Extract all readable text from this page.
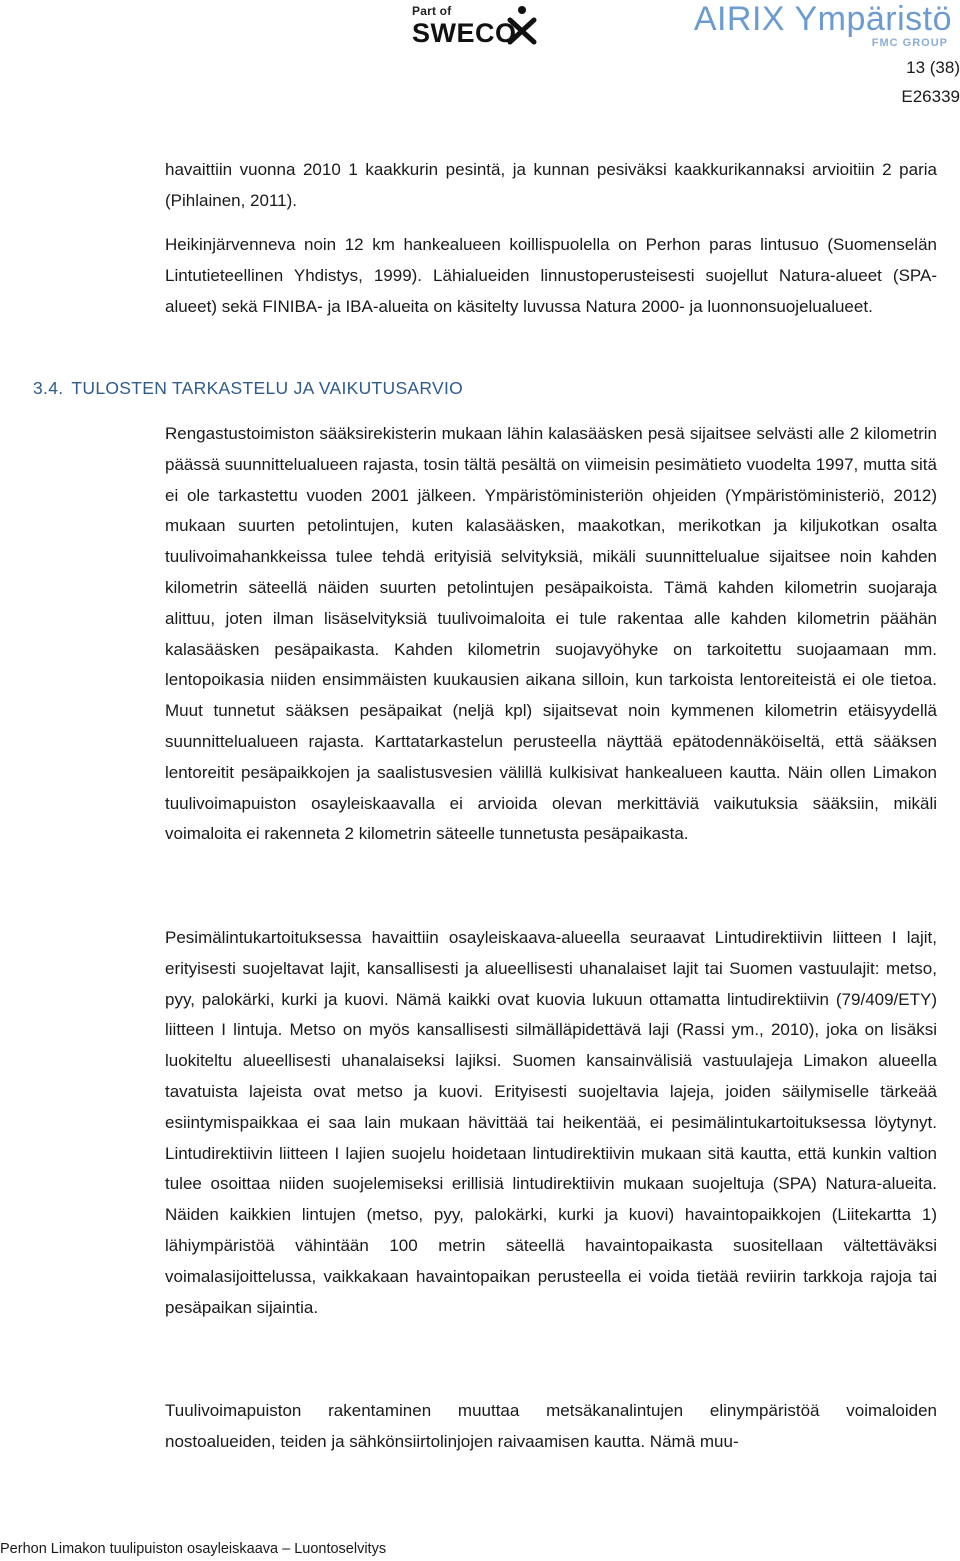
Part of
SWECO	AIRIX Ympäristö
FMC GROUP
13 (38)
E26339

havaittiin vuonna 2010 1 kaakkurin pesintä, ja kunnan pesiväksi kaakkurikannaksi arvioitiin 2 paria (Pihlainen, 2011).

Heikinjärvenneva noin 12 km hankealueen koillispuolella on Perhon paras lintusuo (Suomenselän Lintutieteellinen Yhdistys, 1999). Lähialueiden linnustoperusteisesti suojellut Natura-alueet (SPA-alueet) sekä FINIBA- ja IBA-alueita on käsitelty luvussa Natura 2000- ja luonnonsuojelualueet.

3.4. TULOSTEN TARKASTELU JA VAIKUTUSARVIO

Rengastustoimiston sääksirekisterin mukaan lähin kalasääsken pesä sijaitsee selvästi alle 2 kilometrin päässä suunnittelualueen rajasta, tosin tältä pesältä on viimeisin pesimätieto vuodelta 1997, mutta sitä ei ole tarkastettu vuoden 2001 jälkeen. Ympäristöministeriön ohjeiden (Ympäristöministeriö, 2012) mukaan suurten petolintujen, kuten kalasääsken, maakotkan, merikotkan ja kiljukotkan osalta tuulivoimahankkeissa tulee tehdä erityisiä selvityksiä, mikäli suunnittelualue sijaitsee noin kahden kilometrin säteellä näiden suurten petolintujen pesäpaikoista. Tämä kahden kilometrin suojaraja alittuu, joten ilman lisäselvityksiä tuulivoimaloita ei tule rakentaa alle kahden kilometrin päähän kalasääsken pesäpaikasta. Kahden kilometrin suojavyöhyke on tarkoitettu suojaamaan mm. lentopoikasia niiden ensimmäisten kuukausien aikana silloin, kun tarkoista lentoreiteistä ei ole tietoa. Muut tunnetut sääksen pesäpaikat (neljä kpl) sijaitsevat noin kymmenen kilometrin etäisyydellä suunnittelualueen rajasta. Karttatarkastelun perusteella näyttää epätodennäköiseltä, että sääksen lentoreitit pesäpaikkojen ja saalistusvesien välillä kulkisivat hankealueen kautta. Näin ollen Limakon tuulivoimapuiston osayleiskaavalla ei arvioida olevan merkittäviä vaikutuksia sääksiin, mikäli voimaloita ei rakenneta 2 kilometrin säteelle tunnetusta pesäpaikasta.

Pesimälintukartoituksessa havaittiin osayleiskaava-alueella seuraavat Lintudirektiivin liitteen I lajit, erityisesti suojeltavat lajit, kansallisesti ja alueellisesti uhanalaiset lajit tai Suomen vastuulajit: metso, pyy, palokärki, kurki ja kuovi. Nämä kaikki ovat kuovia lukuun ottamatta lintudirektiivin (79/409/ETY) liitteen I lintuja. Metso on myös kansallisesti silmälläpidettävä laji (Rassi ym., 2010), joka on lisäksi luokiteltu alueellisesti uhanalaiseksi lajiksi. Suomen kansainvälisiä vastuulajeja Limakon alueella tavatuista lajeista ovat metso ja kuovi. Erityisesti suojeltavia lajeja, joiden säilymiselle tärkeää esiintymispaikkaa ei saa lain mukaan hävittää tai heikentää, ei pesimälintukartoituksessa löytynyt. Lintudirektiivin liitteen I lajien suojelu hoidetaan lintudirektiivin mukaan sitä kautta, että kunkin valtion tulee osoittaa niiden suojelemiseksi erillisiä lintudirektiivin mukaan suojeltuja (SPA) Natura-alueita. Näiden kaikkien lintujen (metso, pyy, palokärki, kurki ja kuovi) havaintopaikkojen (Liitekartta 1) lähiympäristöä vähintään 100 metrin säteellä havaintopaikasta suositellaan vältettäväksi voimalasijoittelussa, vaikkakaan havaintopaikan perusteella ei voida tietää reviirin tarkkoja rajoja tai pesäpaikan sijaintia.

Tuulivoimapuiston rakentaminen muuttaa metsäkanalintujen elinympäristöä voimaloiden nostoalueiden, teiden ja sähkönsiirtolinjojen raivaamisen kautta. Nämä muu-

Perhon Limakon tuulipuiston osayleiskaava – Luontoselvitys
